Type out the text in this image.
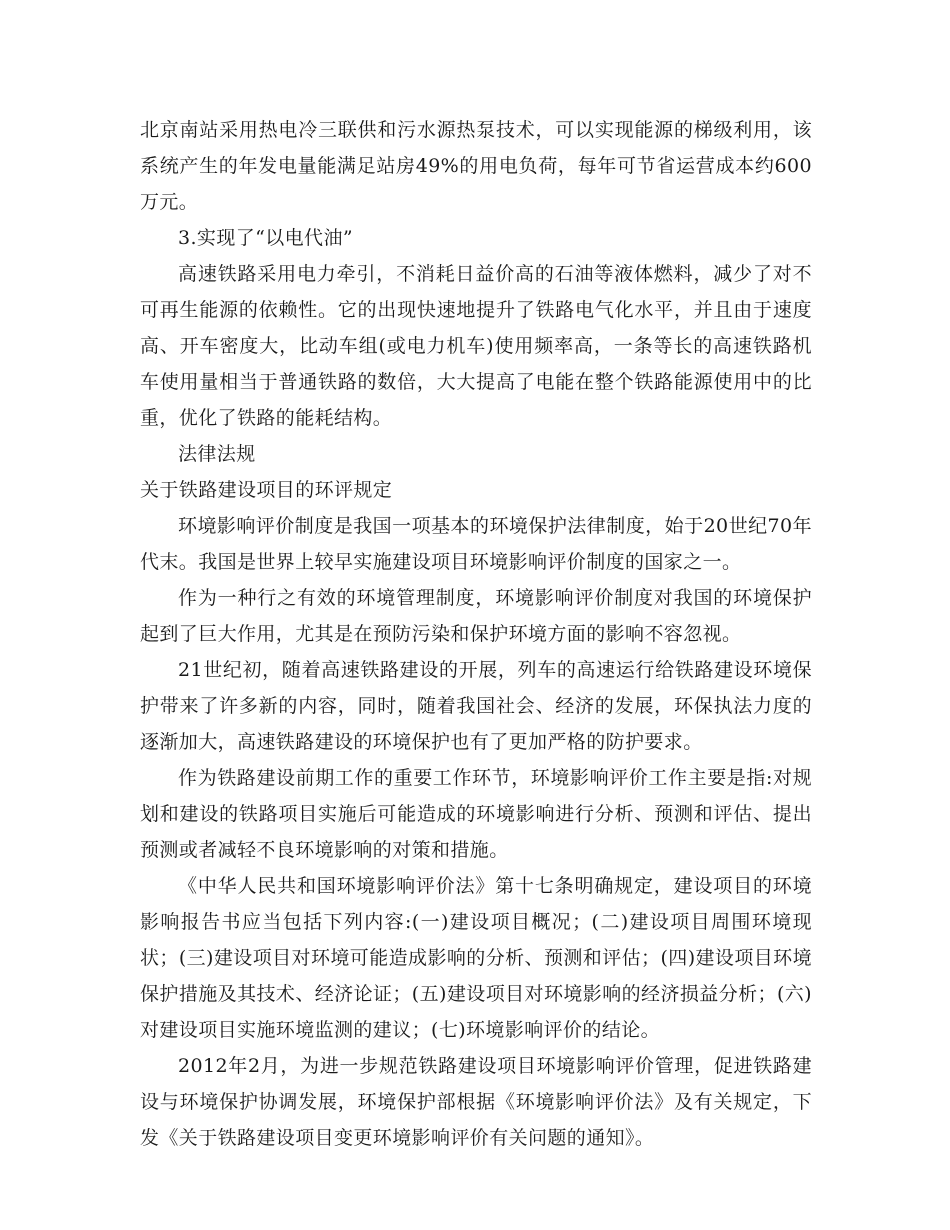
北京南站采用热电冷三联供和污水源热泵技术，可以实现能源的梯级利用，该系统产生的年发电量能满足站房49%的用电负荷，每年可节省运营成本约600万元。

3.实现了“以电代油”

高速铁路采用电力牵引，不消耗日益价高的石油等液体燃料，减少了对不可再生能源的依赖性。它的出现快速地提升了铁路电气化水平，并且由于速度高、开车密度大，比动车组(或电力机车)使用频率高，一条等长的高速铁路机车使用量相当于普通铁路的数倍，大大提高了电能在整个铁路能源使用中的比重，优化了铁路的能耗结构。

法律法规

关于铁路建设项目的环评规定

环境影响评价制度是我国一项基本的环境保护法律制度，始于20世纪70年代末。我国是世界上较早实施建设项目环境影响评价制度的国家之一。

作为一种行之有效的环境管理制度，环境影响评价制度对我国的环境保护起到了巨大作用，尤其是在预防污染和保护环境方面的影响不容忽视。

21世纪初，随着高速铁路建设的开展，列车的高速运行给铁路建设环境保护带来了许多新的内容，同时，随着我国社会、经济的发展，环保执法力度的逐渐加大，高速铁路建设的环境保护也有了更加严格的防护要求。

作为铁路建设前期工作的重要工作环节，环境影响评价工作主要是指:对规划和建设的铁路项目实施后可能造成的环境影响进行分析、预测和评估、提出预测或者减轻不良环境影响的对策和措施。

《中华人民共和国环境影响评价法》第十七条明确规定，建设项目的环境影响报告书应当包括下列内容:(一)建设项目概况；(二)建设项目周围环境现状；(三)建设项目对环境可能造成影响的分析、预测和评估；(四)建设项目环境保护措施及其技术、经济论证；(五)建设项目对环境影响的经济损益分析；(六)对建设项目实施环境监测的建议；(七)环境影响评价的结论。

2012年2月，为进一步规范铁路建设项目环境影响评价管理，促进铁路建设与环境保护协调发展，环境保护部根据《环境影响评价法》及有关规定，下发《关于铁路建设项目变更环境影响评价有关问题的通知》。
